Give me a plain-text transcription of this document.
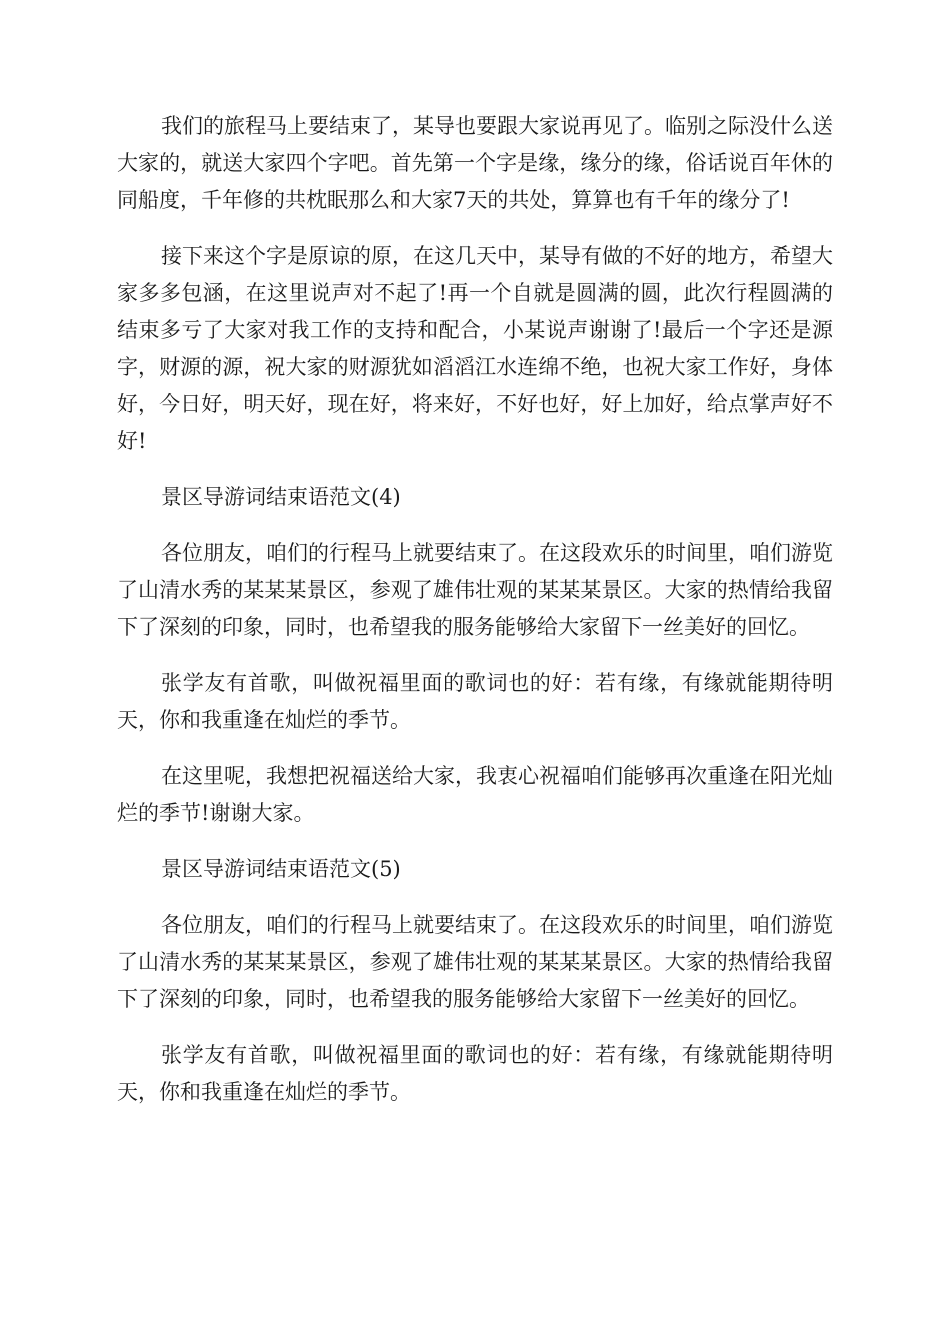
我们的旅程马上要结束了，某导也要跟大家说再见了。临别之际没什么送大家的，就送大家四个字吧。首先第一个字是缘，缘分的缘，俗话说百年休的同船度，千年修的共枕眠那么和大家7天的共处，算算也有千年的缘分了!

接下来这个字是原谅的原，在这几天中，某导有做的不好的地方，希望大家多多包涵，在这里说声对不起了!再一个自就是圆满的圆，此次行程圆满的结束多亏了大家对我工作的支持和配合，小某说声谢谢了!最后一个字还是源字，财源的源，祝大家的财源犹如滔滔江水连绵不绝，也祝大家工作好，身体好，今日好，明天好，现在好，将来好，不好也好，好上加好，给点掌声好不好!

景区导游词结束语范文(4)

各位朋友，咱们的行程马上就要结束了。在这段欢乐的时间里，咱们游览了山清水秀的某某某景区，参观了雄伟壮观的某某某景区。大家的热情给我留下了深刻的印象，同时，也希望我的服务能够给大家留下一丝美好的回忆。

张学友有首歌，叫做祝福里面的歌词也的好：若有缘，有缘就能期待明天，你和我重逢在灿烂的季节。

在这里呢，我想把祝福送给大家，我衷心祝福咱们能够再次重逢在阳光灿烂的季节!谢谢大家。

景区导游词结束语范文(5)

各位朋友，咱们的行程马上就要结束了。在这段欢乐的时间里，咱们游览了山清水秀的某某某景区，参观了雄伟壮观的某某某景区。大家的热情给我留下了深刻的印象，同时，也希望我的服务能够给大家留下一丝美好的回忆。

张学友有首歌，叫做祝福里面的歌词也的好：若有缘，有缘就能期待明天，你和我重逢在灿烂的季节。
